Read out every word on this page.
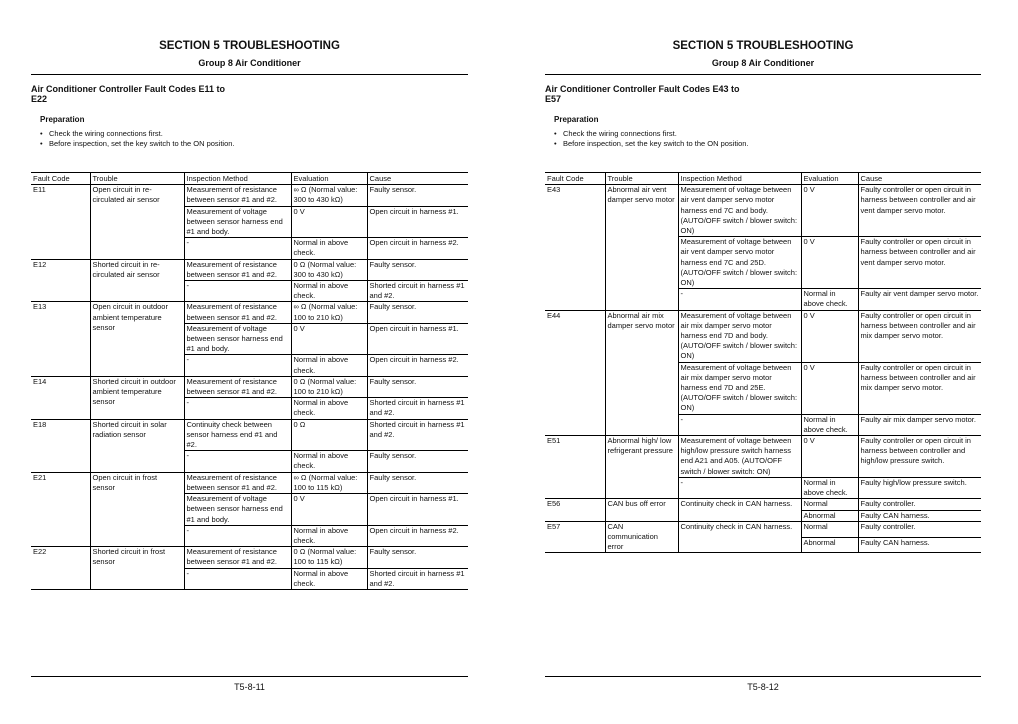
SECTION 5 TROUBLESHOOTING
Group 8 Air Conditioner
Air Conditioner Controller Fault Codes E11 to
E22
Preparation
• Check the wiring connections first.
• Before inspection, set the key switch to the ON position.
Fault Code	Trouble	Inspection Method	Evaluation	Cause
E11	Open circuit in re-circulated air sensor	Measurement of resistance between sensor #1 and #2.	∞ Ω (Normal value: 300 to 430 kΩ)	Faulty sensor.
		Measurement of voltage between sensor harness end #1 and body.	0 V	Open circuit in harness #1.
		-	Normal in above check.	Open circuit in harness #2.
E12	Shorted circuit in re-circulated air sensor	Measurement of resistance between sensor #1 and #2.	0 Ω (Normal value: 300 to 430 kΩ)	Faulty sensor.
		-	Normal in above check.	Shorted circuit in harness #1 and #2.
E13	Open circuit in outdoor ambient temperature sensor	Measurement of resistance between sensor #1 and #2.	∞ Ω (Normal value: 100 to 210 kΩ)	Faulty sensor.
		Measurement of voltage between sensor harness end #1 and body.	0 V	Open circuit in harness #1.
		-	Normal in above check.	Open circuit in harness #2.
E14	Shorted circuit in outdoor ambient temperature sensor	Measurement of resistance between sensor #1 and #2.	0 Ω (Normal value: 100 to 210 kΩ)	Faulty sensor.
		-	Normal in above check.	Shorted circuit in harness #1 and #2.
E18	Shorted circuit in solar radiation sensor	Continuity check between sensor harness end #1 and #2.	0 Ω	Shorted circuit in harness #1 and #2.
		-	Normal in above check.	Faulty sensor.
E21	Open circuit in frost sensor	Measurement of resistance between sensor #1 and #2.	∞ Ω (Normal value: 100 to 115 kΩ)	Faulty sensor.
		Measurement of voltage between sensor harness end #1 and body.	0 V	Open circuit in harness #1.
		-	Normal in above check.	Open circuit in harness #2.
E22	Shorted circuit in frost sensor	Measurement of resistance between sensor #1 and #2.	0 Ω (Normal value: 100 to 115 kΩ)	Faulty sensor.
		-	Normal in above check.	Shorted circuit in harness #1 and #2.
T5-8-11
SECTION 5 TROUBLESHOOTING
Group 8 Air Conditioner
Air Conditioner Controller Fault Codes E43 to
E57
Preparation
• Check the wiring connections first.
• Before inspection, set the key switch to the ON position.
Fault Code	Trouble	Inspection Method	Evaluation	Cause
E43	Abnormal air vent damper servo motor	Measurement of voltage between air vent damper servo motor harness end 7C and body. (AUTO/OFF switch / blower switch: ON)	0 V	Faulty controller or open circuit in harness between controller and air vent damper servo motor.
		Measurement of voltage between air vent damper servo motor harness end 7C and 25D. (AUTO/OFF switch / blower switch: ON)	0 V	Faulty controller or open circuit in harness between controller and air vent damper servo motor.
		-	Normal in above check.	Faulty air vent damper servo motor.
E44	Abnormal air mix damper servo motor	Measurement of voltage between air mix damper servo motor harness end 7D and body. (AUTO/OFF switch / blower switch: ON)	0 V	Faulty controller or open circuit in harness between controller and air mix damper servo motor.
		Measurement of voltage between air mix damper servo motor harness end 7D and 25E. (AUTO/OFF switch / blower switch: ON)	0 V	Faulty controller or open circuit in harness between controller and air mix damper servo motor.
		-	Normal in above check.	Faulty air mix damper servo motor.
E51	Abnormal high/ low refrigerant pressure	Measurement of voltage between high/low pressure switch harness end A21 and A05. (AUTO/OFF switch / blower switch: ON)	0 V	Faulty controller or open circuit in harness between controller and high/low pressure switch.
		-	Normal in above check.	Faulty high/low pressure switch.
E56	CAN bus off error	Continuity check in CAN harness.	Normal	Faulty controller.
			Abnormal	Faulty CAN harness.
E57	CAN communication error	Continuity check in CAN harness.	Normal	Faulty controller.
			Abnormal	Faulty CAN harness.
T5-8-12
